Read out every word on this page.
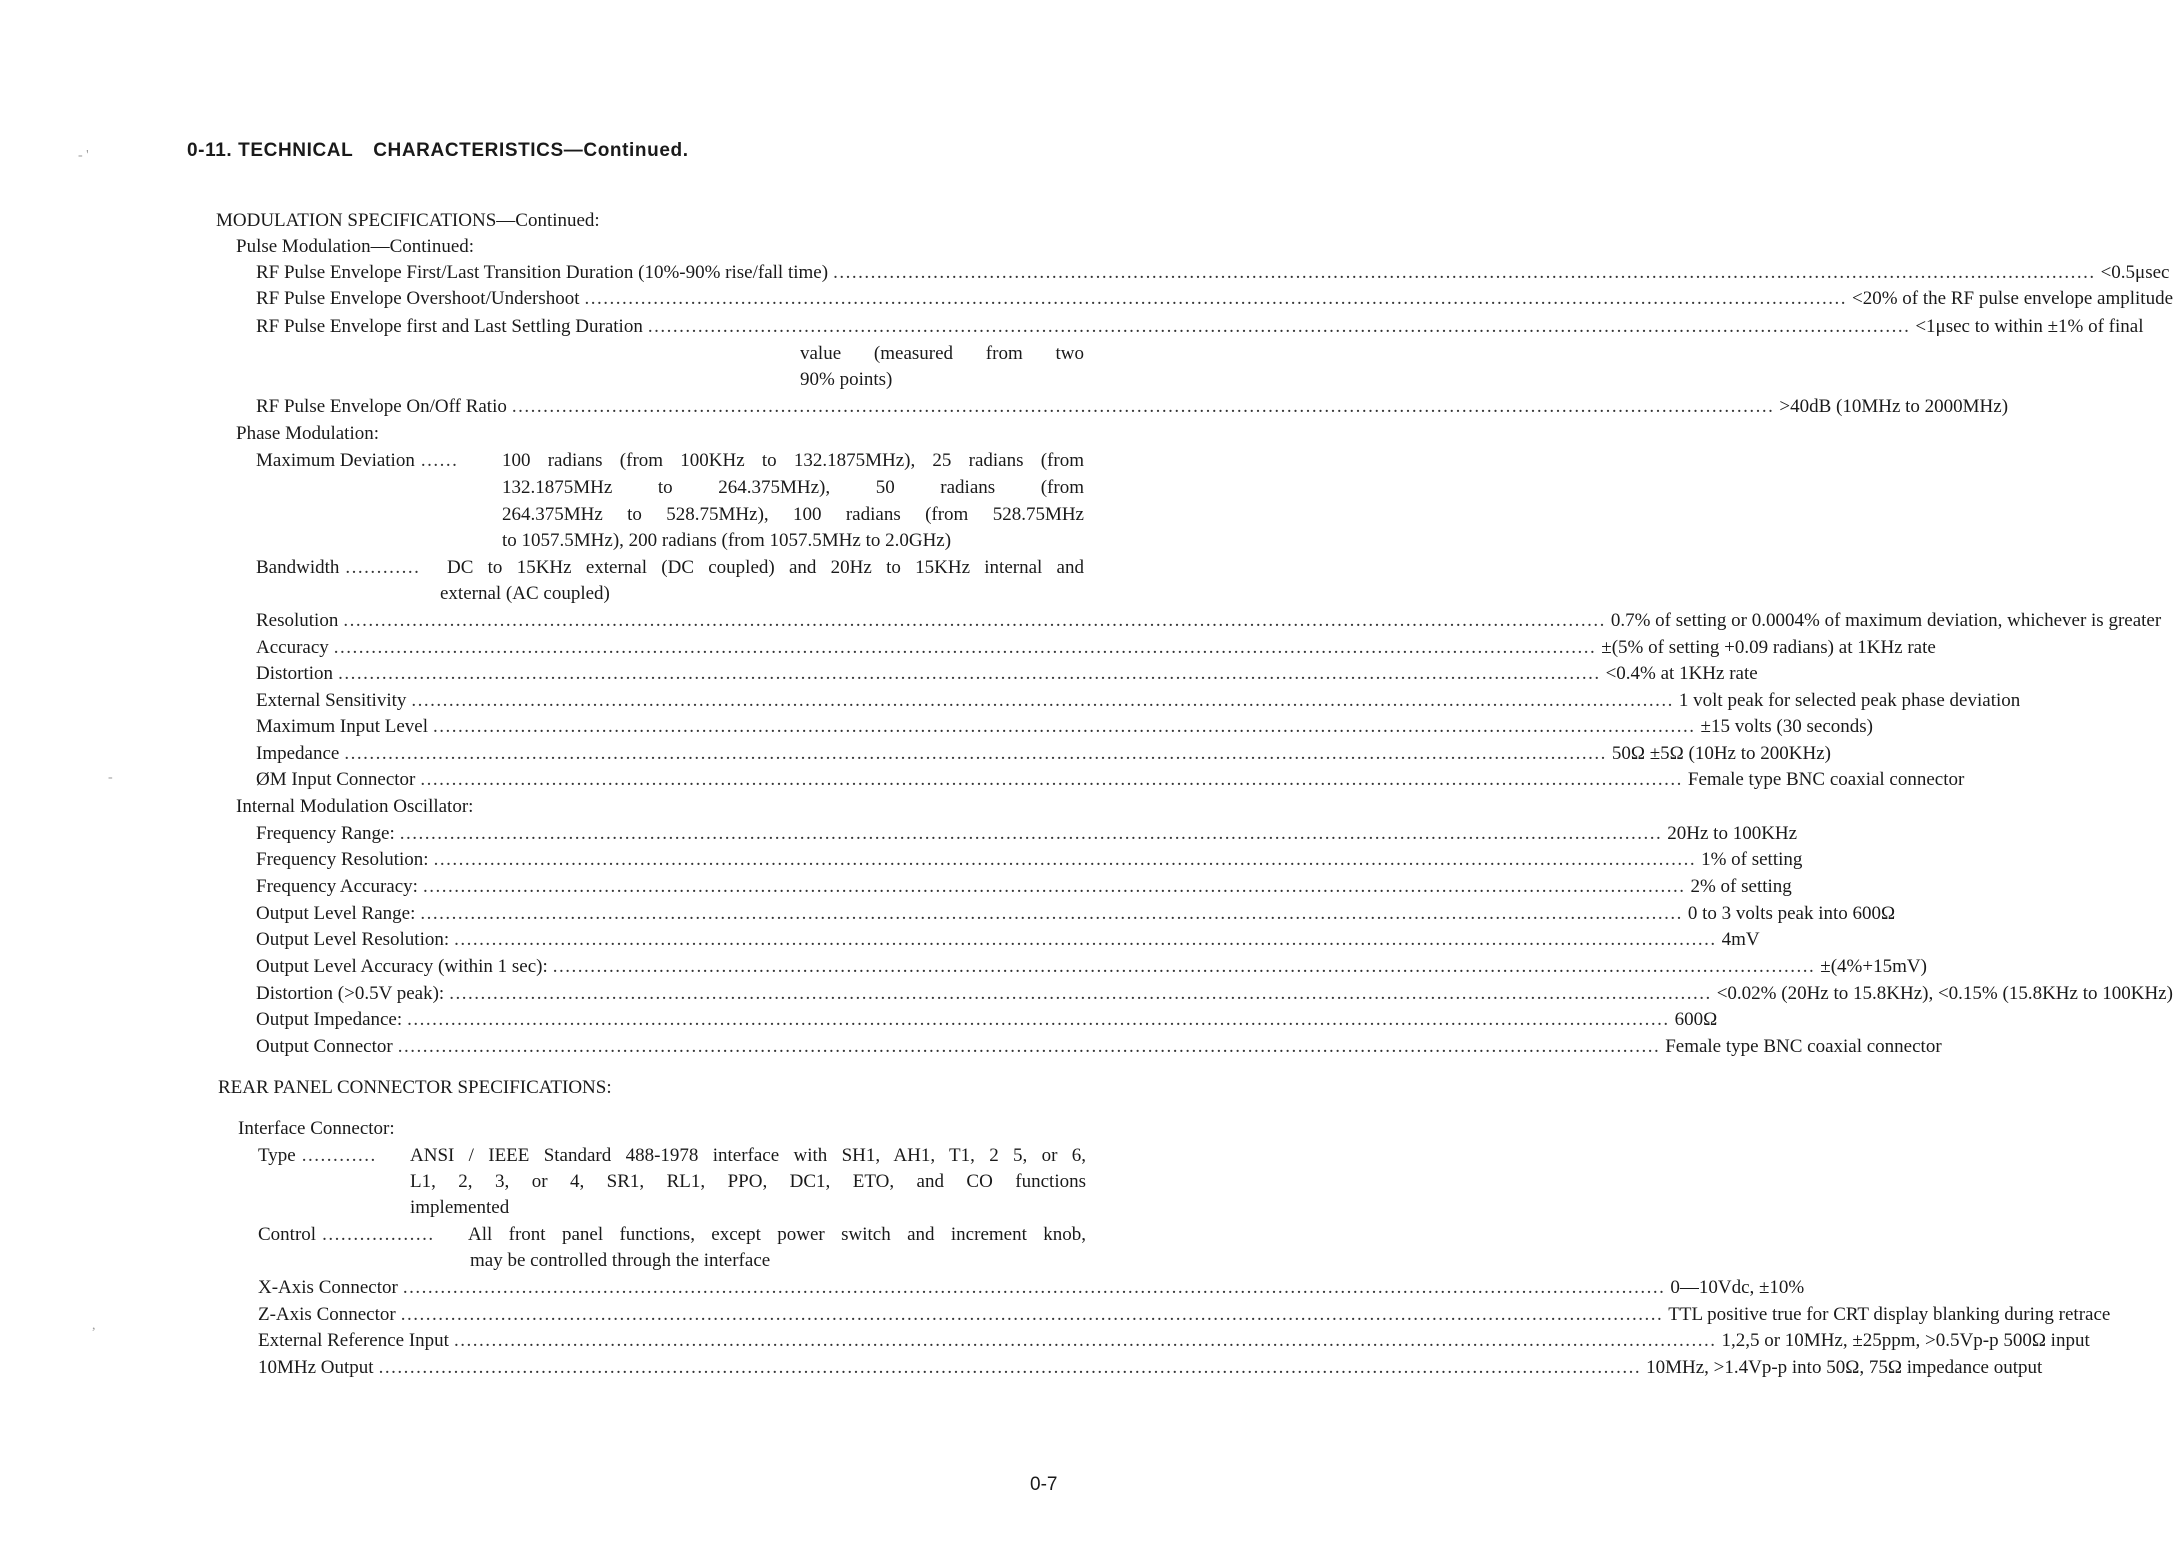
0-11. TECHNICAL CHARACTERISTICS—Continued.
- '
-
,
MODULATION SPECIFICATIONS—Continued:
Pulse Modulation—Continued:
RF Pulse Envelope First/Last Transition Duration (10%-90% rise/fall time) .....	<0.5μsec
RF Pulse Envelope Overshoot/Undershoot .....	<20% of the RF pulse envelope amplitude
RF Pulse Envelope first and Last Settling Duration .....	<1μsec to within ±1% of final
value (measured from two
90% points)
RF Pulse Envelope On/Off Ratio .....	>40dB (10MHz to 2000MHz)
Phase Modulation:
Maximum Deviation ...... 100 radians (from 100KHz to 132.1875MHz), 25 radians (from
132.1875MHz to 264.375MHz), 50 radians (from
264.375MHz to 528.75MHz), 100 radians (from 528.75MHz
to 1057.5MHz), 200 radians (from 1057.5MHz to 2.0GHz)
Bandwidth ............ DC to 15KHz external (DC coupled) and 20Hz to 15KHz internal and
external (AC coupled)
Resolution .....	0.7% of setting or 0.0004% of maximum deviation, whichever is greater
Accuracy .....	±(5% of setting +0.09 radians) at 1KHz rate
Distortion .....	<0.4% at 1KHz rate
External Sensitivity .....	1 volt peak for selected peak phase deviation
Maximum Input Level .....	±15 volts (30 seconds)
Impedance .....	50Ω ±5Ω (10Hz to 200KHz)
ØM Input Connector .....	Female type BNC coaxial connector
Internal Modulation Oscillator:
Frequency Range: .....	20Hz to 100KHz
Frequency Resolution: .....	1% of setting
Frequency Accuracy: .....	2% of setting
Output Level Range: .....	0 to 3 volts peak into 600Ω
Output Level Resolution: .....	4mV
Output Level Accuracy (within 1 sec): .....	±(4%+15mV)
Distortion (>0.5V peak): .....	<0.02% (20Hz to 15.8KHz), <0.15% (15.8KHz to 100KHz)
Output Impedance: .....	600Ω
Output Connector .....	Female type BNC coaxial connector
REAR PANEL CONNECTOR SPECIFICATIONS:
Interface Connector:
Type ............ ANSI / IEEE Standard 488-1978 interface with SH1, AH1, T1, 2 5, or 6,
L1, 2, 3, or 4, SR1, RL1, PPO, DC1, ETO, and CO functions
implemented
Control .................. All front panel functions, except power switch and increment knob,
may be controlled through the interface
X-Axis Connector .....	0—10Vdc, ±10%
Z-Axis Connector .....	TTL positive true for CRT display blanking during retrace
External Reference Input .....	1,2,5 or 10MHz, ±25ppm, >0.5Vp-p 500Ω input
10MHz Output .....	10MHz, >1.4Vp-p into 50Ω, 75Ω impedance output
0-7
